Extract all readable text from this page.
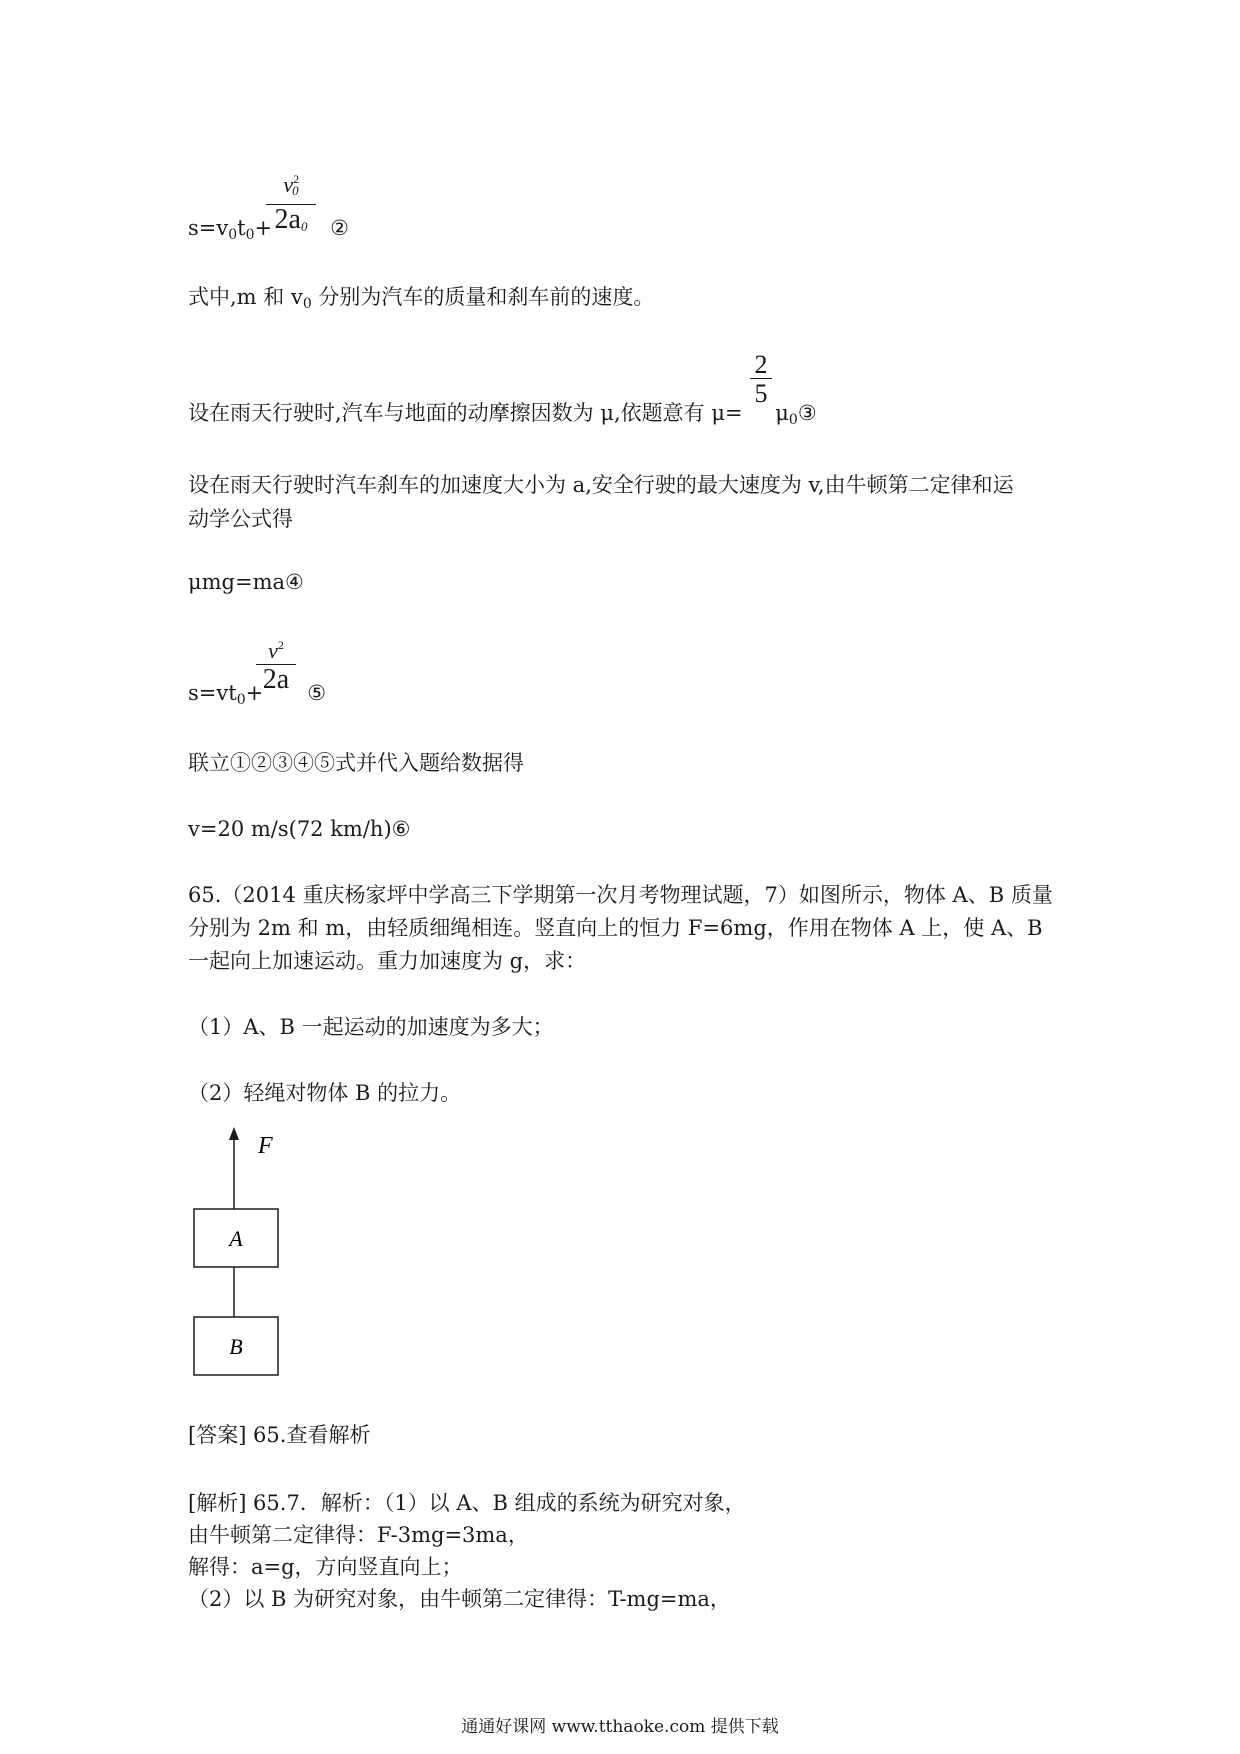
$v^2_0$
$2a_0$
s=v0t0+	②
式中,m 和 v0 分别为汽车的质量和刹车前的速度。
2
5
设在雨天行驶时,汽车与地面的动摩擦因数为 μ,依题意有 μ= μ0③
设在雨天行驶时汽车刹车的加速度大小为 a,安全行驶的最大速度为 v,由牛顿第二定律和运
动学公式得
μmg=ma④
$v^2$
2a
s=vt0+ ⑤
联立①②③④⑤式并代入题给数据得
v=20 m/s(72 km/h)⑥
65.（2014 重庆杨家坪中学高三下学期第一次月考物理试题，7）如图所示，物体 A、B 质量
分别为 2m 和 m，由轻质细绳相连。竖直向上的恒力 F=6mg，作用在物体 A 上，使 A、B
一起向上加速运动。重力加速度为 g，求：
（1）A、B 一起运动的加速度为多大；
（2）轻绳对物体 B 的拉力。
F
A
B
[答案] 65.查看解析
[解析] 65.7．解析：（1）以 A、B 组成的系统为研究对象，
由牛顿第二定律得：F-3mg=3ma，
解得：a=g，方向竖直向上；
（2）以 B 为研究对象，由牛顿第二定律得：T-mg=ma，
通通好课网 www.tthaoke.com 提供下载
